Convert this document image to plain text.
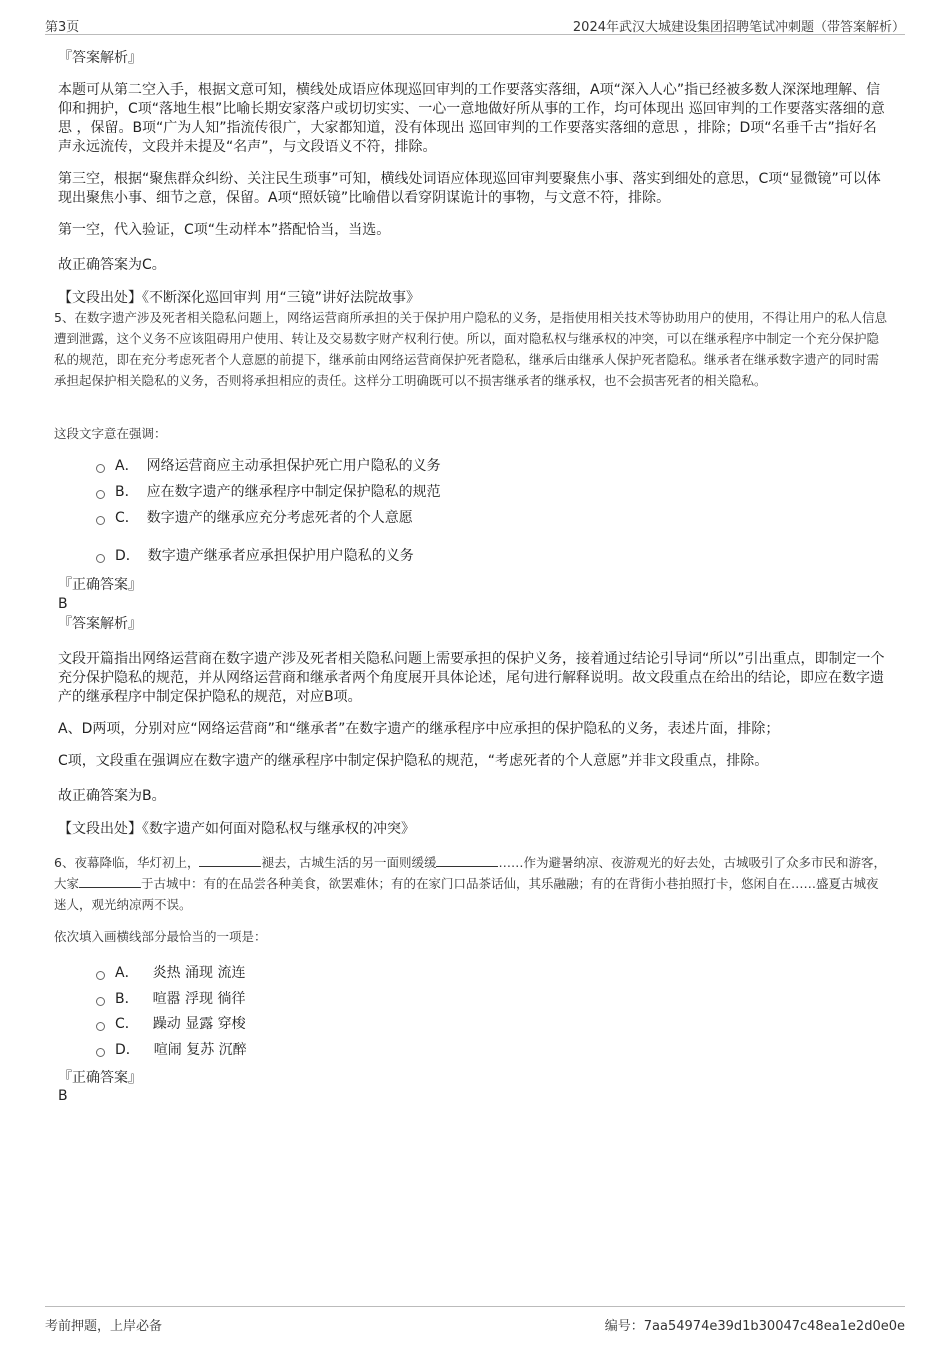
第3页	2024年武汉大城建设集团招聘笔试冲刺题（带答案解析）
『答案解析』
本题可从第二空入手，根据文意可知，横线处成语应体现巡回审判的工作要落实落细，A项“深入人心”指已经被多数人深深地理解、信仰和拥护，C项“落地生根”比喻长期安家落户或切切实实、一心一意地做好所从事的工作，均可体现出 巡回审判的工作要落实落细的意思 ，保留。B项“广为人知”指流传很广，大家都知道，没有体现出 巡回审判的工作要落实落细的意思 ，排除；D项“名垂千古”指好名声永远流传，文段并未提及“名声”，与文段语义不符，排除。
第三空，根据“聚焦群众纠纷、关注民生琐事”可知，横线处词语应体现巡回审判要聚焦小事、落实到细处的意思，C项“显微镜”可以体现出聚焦小事、细节之意，保留。A项“照妖镜”比喻借以看穿阴谋诡计的事物，与文意不符，排除。
第一空，代入验证，C项“生动样本”搭配恰当，当选。
故正确答案为C。
【文段出处】《不断深化巡回审判 用“三镜”讲好法院故事》
5、在数字遗产涉及死者相关隐私问题上，网络运营商所承担的关于保护用户隐私的义务，是指使用相关技术等协助用户的使用，不得让用户的私人信息遭到泄露，这个义务不应该阻碍用户使用、转让及交易数字财产权利行使。所以，面对隐私权与继承权的冲突，可以在继承程序中制定一个充分保护隐私的规范，即在充分考虑死者个人意愿的前提下，继承前由网络运营商保护死者隐私，继承后由继承人保护死者隐私。继承者在继承数字遗产的同时需承担起保护相关隐私的义务，否则将承担相应的责任。这样分工明确既可以不损害继承者的继承权，也不会损害死者的相关隐私。
这段文字意在强调：
A． 网络运营商应主动承担保护死亡用户隐私的义务
B． 应在数字遗产的继承程序中制定保护隐私的规范
C． 数字遗产的继承应充分考虑死者的个人意愿
D． 数字遗产继承者应承担保护用户隐私的义务
『正确答案』
B
『答案解析』
文段开篇指出网络运营商在数字遗产涉及死者相关隐私问题上需要承担的保护义务，接着通过结论引导词“所以”引出重点，即制定一个充分保护隐私的规范，并从网络运营商和继承者两个角度展开具体论述，尾句进行解释说明。故文段重点在给出的结论，即应在数字遗产的继承程序中制定保护隐私的规范，对应B项。
A、D两项，分别对应“网络运营商”和“继承者”在数字遗产的继承程序中应承担的保护隐私的义务，表述片面，排除；
C项，文段重在强调应在数字遗产的继承程序中制定保护隐私的规范，“考虑死者的个人意愿”并非文段重点，排除。
故正确答案为B。
【文段出处】《数字遗产如何面对隐私权与继承权的冲突》
6、夜幕降临，华灯初上，	褪去，古城生活的另一面则缓缓	……作为避暑纳凉、夜游观光的好去处，古城吸引了众多市民和游客，大家	于古城中：有的在品尝各种美食，欲罢难休；有的在家门口品茶话仙，其乐融融；有的在背街小巷拍照打卡，悠闲自在……盛夏古城夜迷人，观光纳凉两不误。
依次填入画横线部分最恰当的一项是：
A． 炎热 涌现 流连
B． 喧嚣 浮现 徜徉
C． 躁动 显露 穿梭
D． 喧闹 复苏 沉醉
『正确答案』
B
考前押题，上岸必备	编号：7aa54974e39d1b30047c48ea1e2d0e0e
